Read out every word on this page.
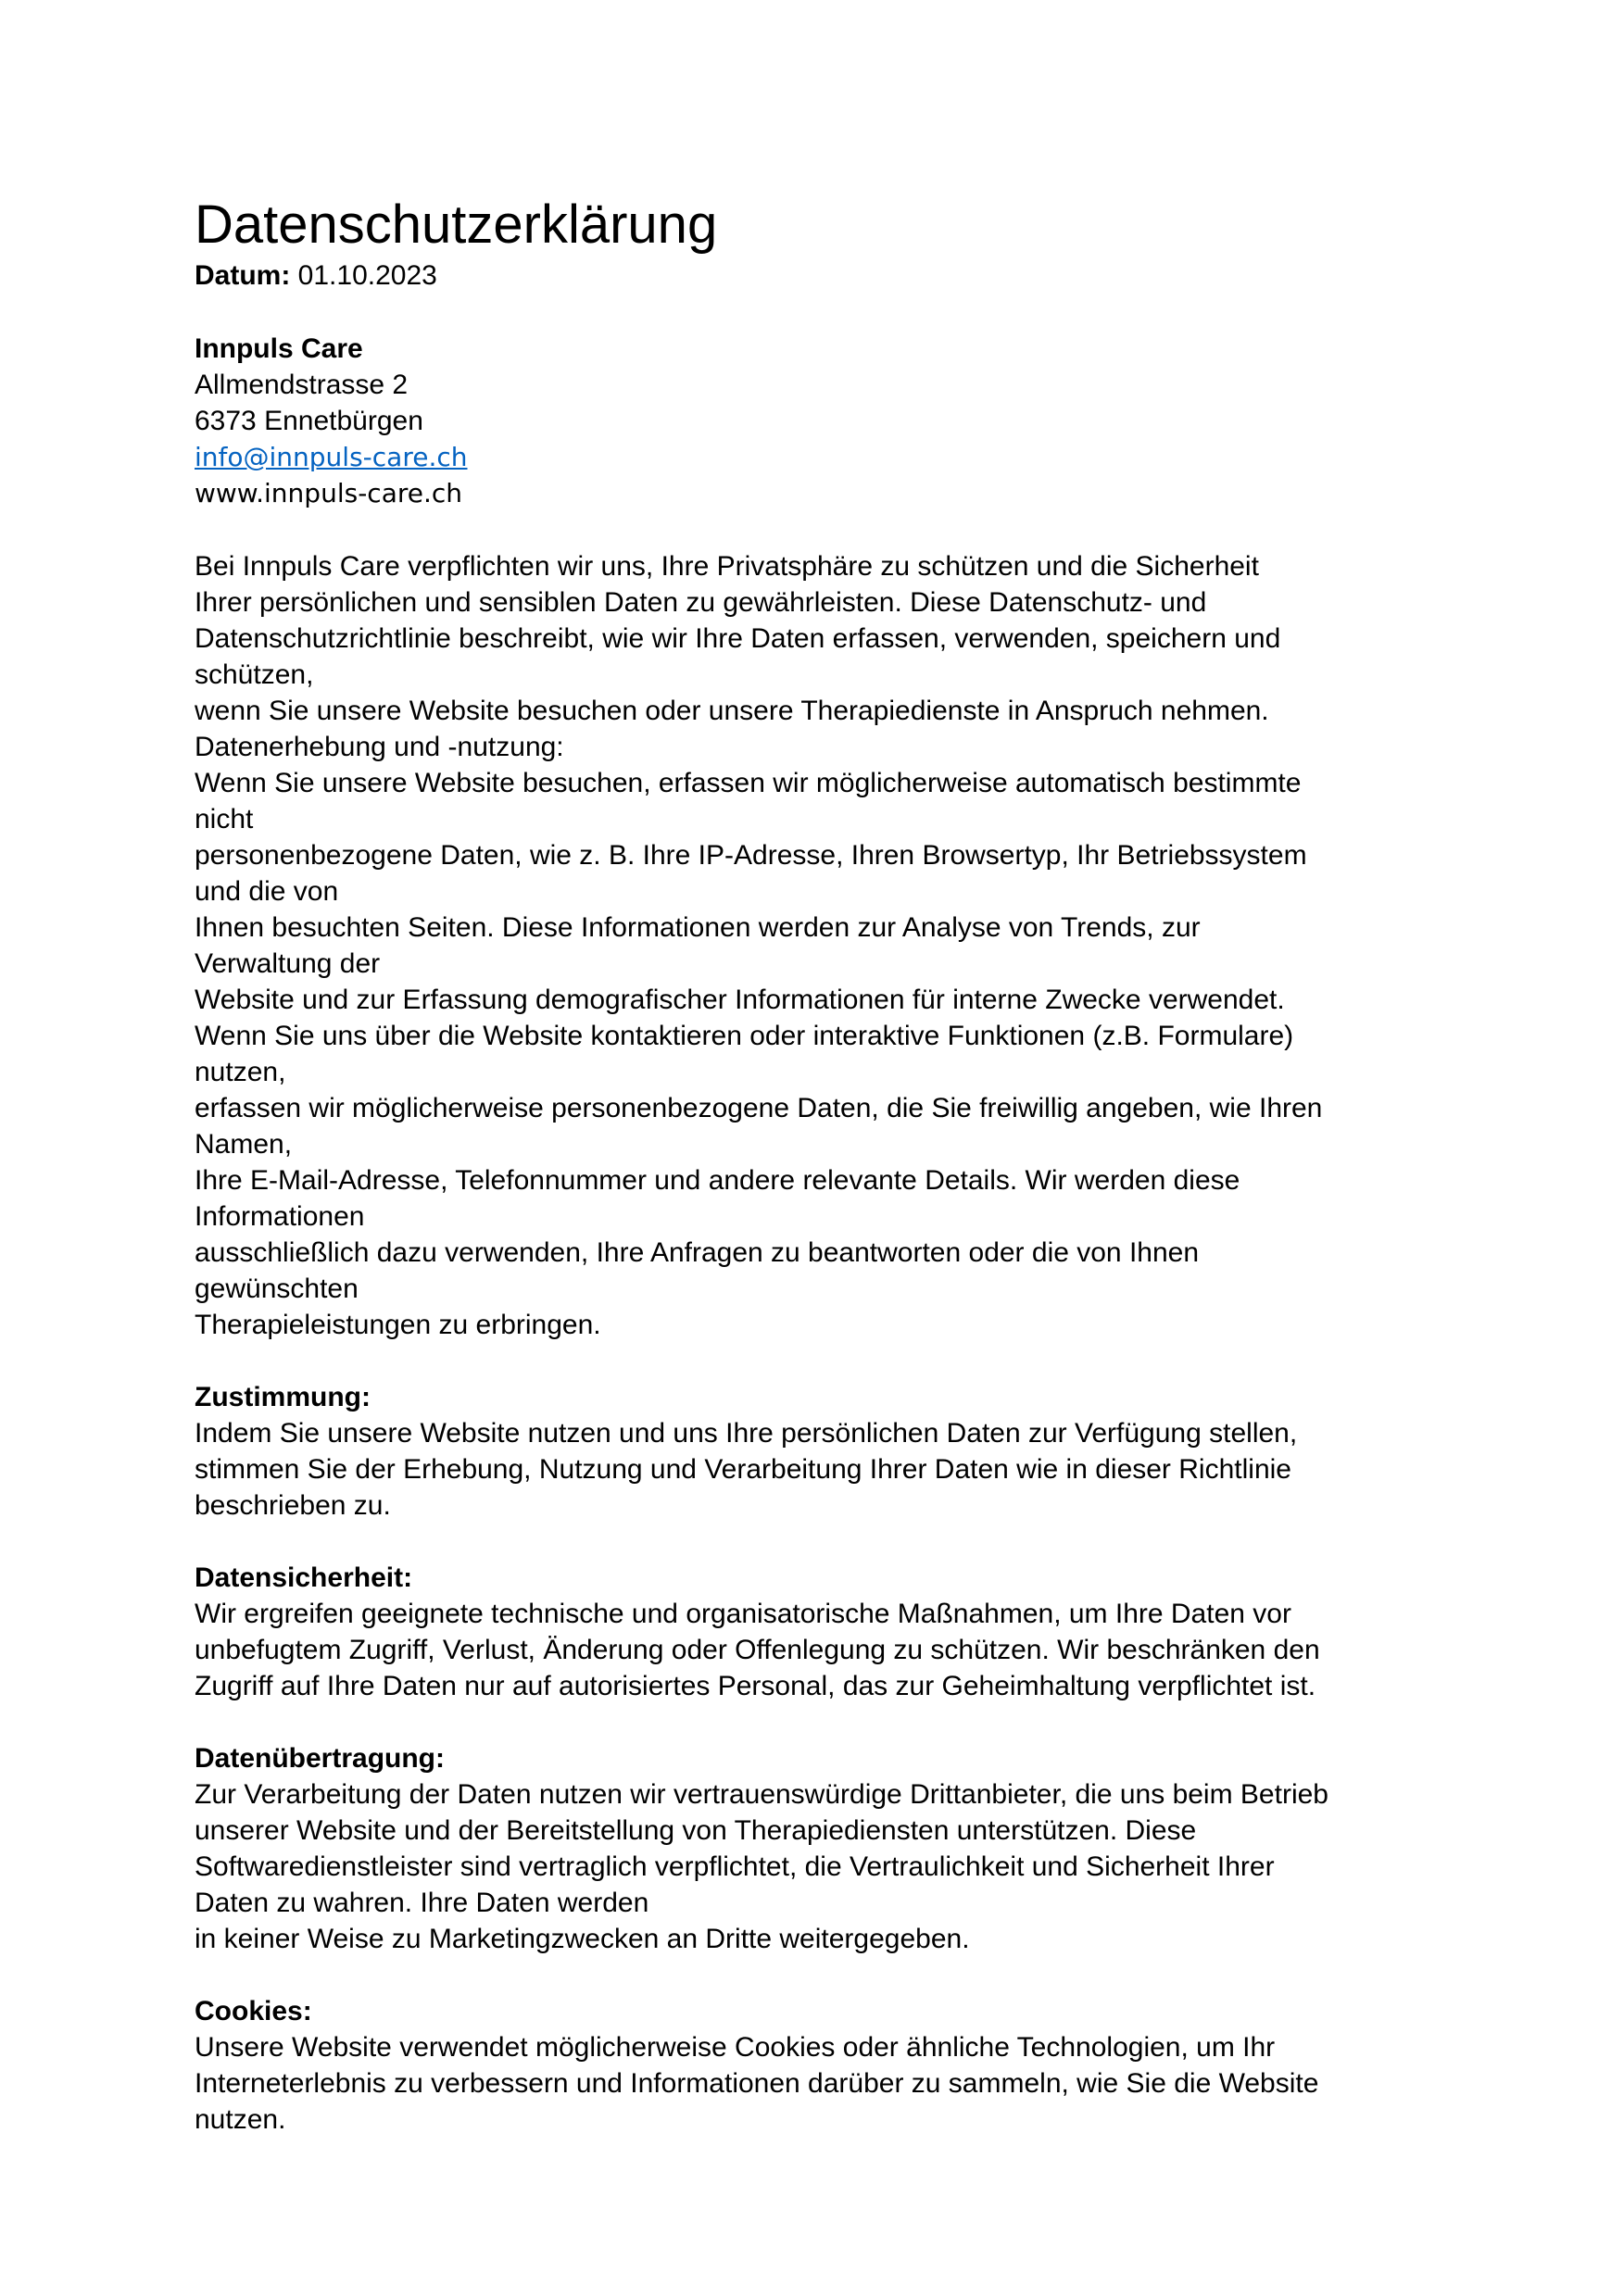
Datenschutzerklärung

Datum: 01.10.2023

Innpuls Care

Allmendstrasse 2

6373 Ennetbürgen

info@innpuls-care.ch

www.innpuls-care.ch

Bei Innpuls Care verpflichten wir uns, Ihre Privatsphäre zu schützen und die Sicherheit

Ihrer persönlichen und sensiblen Daten zu gewährleisten. Diese Datenschutz- und

Datenschutzrichtlinie beschreibt, wie wir Ihre Daten erfassen, verwenden, speichern und

schützen,

wenn Sie unsere Website besuchen oder unsere Therapiedienste in Anspruch nehmen.

Datenerhebung und -nutzung:

Wenn Sie unsere Website besuchen, erfassen wir möglicherweise automatisch bestimmte

nicht

personenbezogene Daten, wie z. B. Ihre IP-Adresse, Ihren Browsertyp, Ihr Betriebssystem

und die von

Ihnen besuchten Seiten. Diese Informationen werden zur Analyse von Trends, zur

Verwaltung der

Website und zur Erfassung demografischer Informationen für interne Zwecke verwendet.

Wenn Sie uns über die Website kontaktieren oder interaktive Funktionen (z.B. Formulare)

nutzen,

erfassen wir möglicherweise personenbezogene Daten, die Sie freiwillig angeben, wie Ihren

Namen,

Ihre E-Mail-Adresse, Telefonnummer und andere relevante Details. Wir werden diese

Informationen

ausschließlich dazu verwenden, Ihre Anfragen zu beantworten oder die von Ihnen

gewünschten

Therapieleistungen zu erbringen.

Zustimmung:

Indem Sie unsere Website nutzen und uns Ihre persönlichen Daten zur Verfügung stellen,

stimmen Sie der Erhebung, Nutzung und Verarbeitung Ihrer Daten wie in dieser Richtlinie

beschrieben zu.

Datensicherheit:

Wir ergreifen geeignete technische und organisatorische Maßnahmen, um Ihre Daten vor

unbefugtem Zugriff, Verlust, Änderung oder Offenlegung zu schützen. Wir beschränken den

Zugriff auf Ihre Daten nur auf autorisiertes Personal, das zur Geheimhaltung verpflichtet ist.

Datenübertragung:

Zur Verarbeitung der Daten nutzen wir vertrauenswürdige Drittanbieter, die uns beim Betrieb

unserer Website und der Bereitstellung von Therapiediensten unterstützen. Diese

Softwaredienstleister sind vertraglich verpflichtet, die Vertraulichkeit und Sicherheit Ihrer

Daten zu wahren. Ihre Daten werden

in keiner Weise zu Marketingzwecken an Dritte weitergegeben.

Cookies:

Unsere Website verwendet möglicherweise Cookies oder ähnliche Technologien, um Ihr

Interneterlebnis zu verbessern und Informationen darüber zu sammeln, wie Sie die Website

nutzen.
